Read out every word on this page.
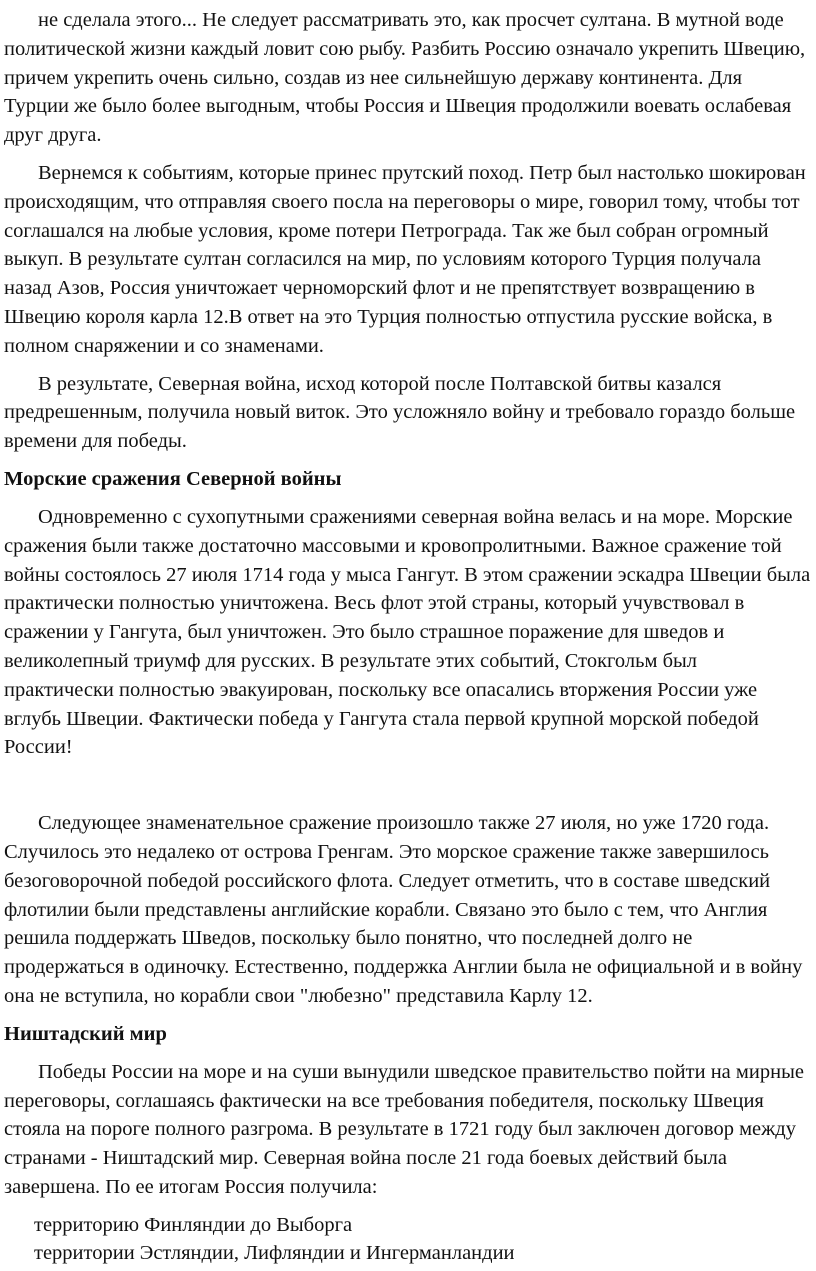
не сделала этого... Не следует рассматривать это, как просчет султана. В мутной воде политической жизни каждый ловит сою рыбу. Разбить Россию означало укрепить Швецию, причем укрепить очень сильно, создав из нее сильнейшую державу континента. Для Турции же было более выгодным, чтобы Россия и Швеция продолжили воевать ослабевая друг друга.

Вернемся к событиям, которые принес прутский поход. Петр был настолько шокирован происходящим, что отправляя своего посла на переговоры о мире, говорил тому, чтобы тот соглашался на любые условия, кроме потери Петрограда. Так же был собран огромный выкуп. В результате султан согласился на мир, по условиям которого Турция получала назад Азов, Россия уничтожает черноморский флот и не препятствует возвращению в Швецию короля карла 12.В ответ на это Турция полностью отпустила русские войска, в полном снаряжении и со знаменами.

В результате, Северная война, исход которой после Полтавской битвы казался предрешенным, получила новый виток. Это усложняло войну и требовало гораздо больше времени для победы.

Морские сражения Северной войны

Одновременно с сухопутными сражениями северная война велась и на море. Морские сражения были также достаточно массовыми и кровопролитными. Важное сражение той войны состоялось 27 июля 1714 года у мыса Гангут. В этом сражении эскадра Швеции была практически полностью уничтожена. Весь флот этой страны, который учувствовал в сражении у Гангута, был уничтожен. Это было страшное поражение для шведов и великолепный триумф для русских. В результате этих событий, Стокгольм был практически полностью эвакуирован, поскольку все опасались вторжения России уже вглубь Швеции. Фактически победа у Гангута стала первой крупной морской победой России!

Следующее знаменательное сражение произошло также 27 июля, но уже 1720 года. Случилось это недалеко от острова Гренгам. Это морское сражение также завершилось безоговорочной победой российского флота. Следует отметить, что в составе шведский флотилии были представлены английские корабли. Связано это было с тем, что Англия решила поддержать Шведов, поскольку было понятно, что последней долго не продержаться в одиночку. Естественно, поддержка Англии была не официальной и в войну она не вступила, но корабли свои "любезно" представила Карлу 12.

Ништадский мир

Победы России на море и на суши вынудили шведское правительство пойти на мирные переговоры, соглашаясь фактически на все требования победителя, поскольку Швеция стояла на пороге полного разгрома. В результате в 1721 году был заключен договор между странами - Ништадский мир. Северная война после 21 года боевых действий была завершена. По ее итогам Россия получила:

территорию Финляндии до Выборга
территории Эстляндии, Лифляндии и Ингерманландии
